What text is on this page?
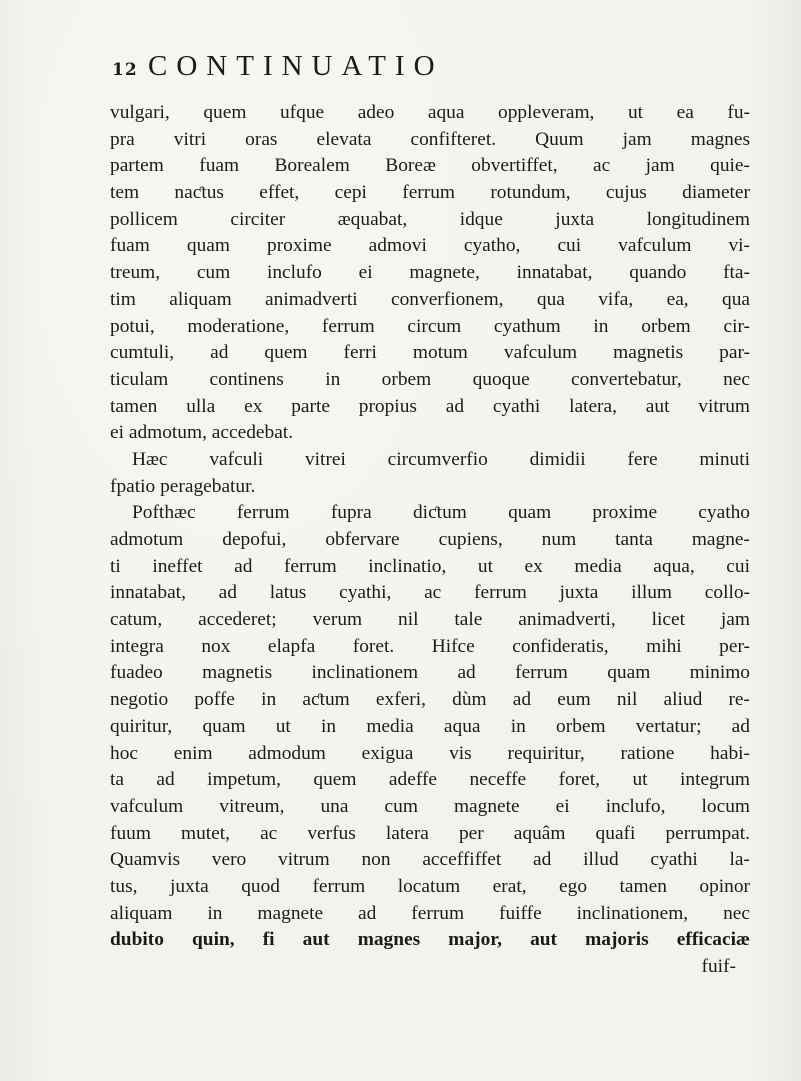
12 CONTINUATIO
vulgari, quem ufque adeo aqua oppleveram, ut ea fu-
pra vitri oras elevata confifteret. Quum jam magnes
partem fuam Borealem Boreæ obvertiffet, ac jam quie-
tem naƈtus effet, cepi ferrum rotundum, cujus diameter
pollicem circiter æquabat, idque juxta longitudinem
fuam quam proxime admovi cyatho, cui vafculum vi-
treum, cum inclufo ei magnete, innatabat, quando fta-
tim aliquam animadverti converfionem, qua vifa, ea, qua
potui, moderatione, ferrum circum cyathum in orbem cir-
cumtuli, ad quem ferri motum vafculum magnetis par-
ticulam continens in orbem quoque convertebatur, nec
tamen ulla ex parte propius ad cyathi latera, aut vitrum
ei admotum, accedebat.
Hæc vafculi vitrei circumverfio dimidii fere minuti
fpatio peragebatur.
Pofthæc ferrum fupra diƈtum quam proxime cyatho
admotum depofui, obfervare cupiens, num tanta magne-
ti ineffet ad ferrum inclinatio, ut ex media aqua, cui
innatabat, ad latus cyathi, ac ferrum juxta illum collo-
catum, accederet; verum nil tale animadverti, licet jam
integra nox elapfa foret. Hifce confideratis, mihi per-
fuadeo magnetis inclinationem ad ferrum quam minimo
negotio poffe in aƈtum exferi, dùm ad eum nil aliud re-
quiritur, quam ut in media aqua in orbem vertatur; ad
hoc enim admodum exigua vis requiritur, ratione habi-
ta ad impetum, quem adeffe neceffe foret, ut integrum
vafculum vitreum, una cum magnete ei inclufo, locum
fuum mutet, ac verfus latera per aquâm quafi perrumpat.
Quamvis vero vitrum non acceffiffet ad illud cyathi la-
tus, juxta quod ferrum locatum erat, ego tamen opinor
aliquam in magnete ad ferrum fuiffe inclinationem, nec
dubito quin, fi aut magnes major, aut majoris efficaciæ
fuif-
